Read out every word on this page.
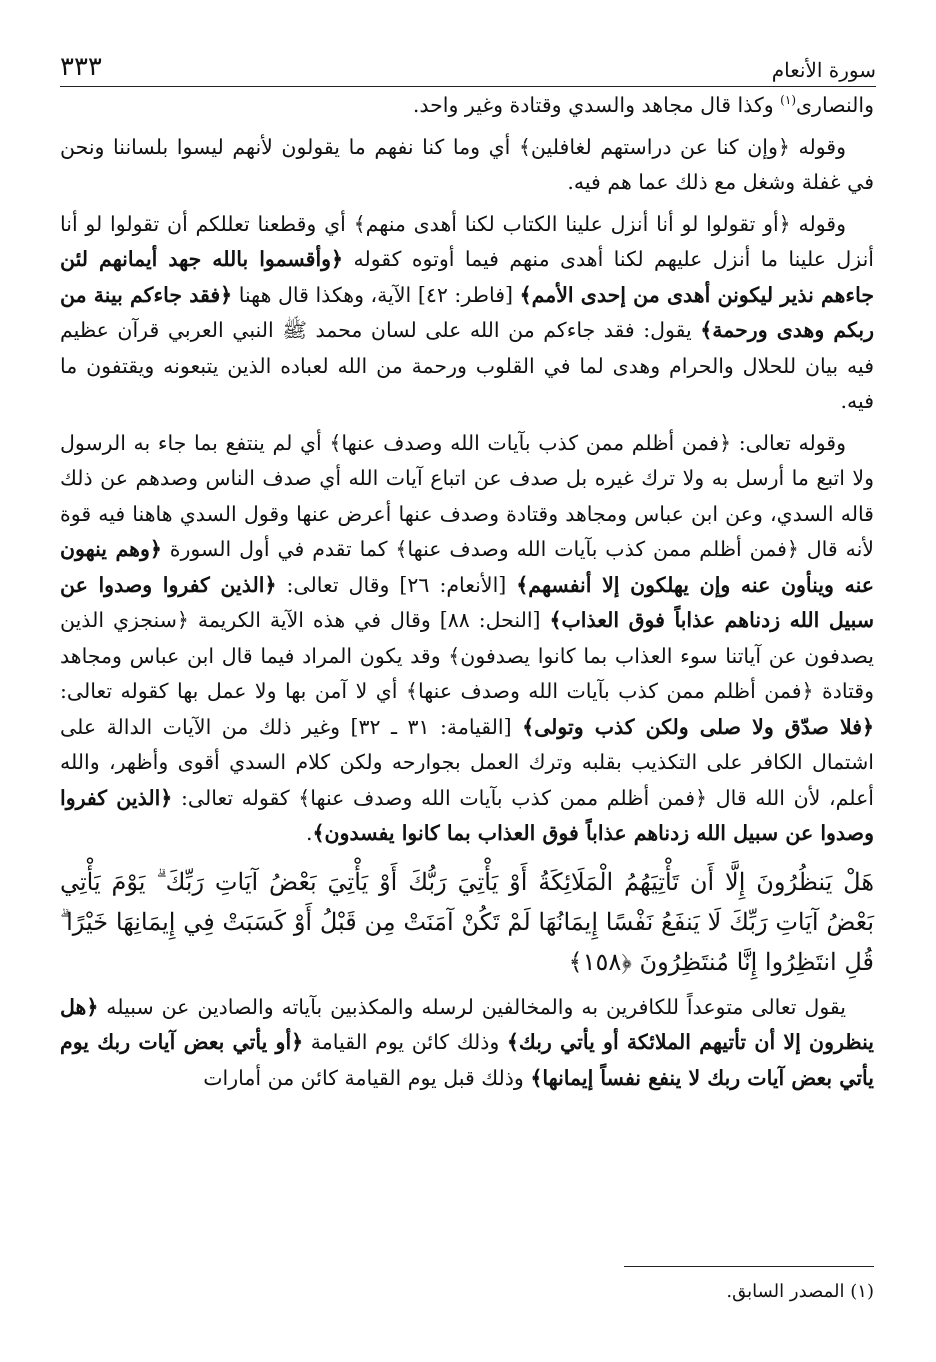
سورة الأنعام
٣٣٣

والنصارى$^{(١)}$ وكذا قال مجاهد والسدي وقتادة وغير واحد.

وقوله ﴿وإن كنا عن دراستهم لغافلين﴾ أي وما كنا نفهم ما يقولون لأنهم ليسوا بلساننا ونحن في غفلة وشغل مع ذلك عما هم فيه.

وقوله ﴿أو تقولوا لو أنا أنزل علينا الكتاب لكنا أهدى منهم﴾ أي وقطعنا تعللكم أن تقولوا لو أنا أنزل علينا ما أنزل عليهم لكنا أهدى منهم فيما أوتوه كقوله ﴿وأقسموا بالله جهد أيمانهم لئن جاءهم نذير ليكونن أهدى من إحدى الأمم﴾ [فاطر: ٤٢] الآية، وهكذا قال ههنا ﴿فقد جاءكم بينة من ربكم وهدى ورحمة﴾ يقول: فقد جاءكم من الله على لسان محمد ﷺ النبي العربي قرآن عظيم فيه بيان للحلال والحرام وهدى لما في القلوب ورحمة من الله لعباده الذين يتبعونه ويقتفون ما فيه.

وقوله تعالى: ﴿فمن أظلم ممن كذب بآيات الله وصدف عنها﴾ أي لم ينتفع بما جاء به الرسول ولا اتبع ما أرسل به ولا ترك غيره بل صدف عن اتباع آيات الله أي صدف الناس وصدهم عن ذلك قاله السدي، وعن ابن عباس ومجاهد وقتادة وصدف عنها أعرض عنها وقول السدي هاهنا فيه قوة لأنه قال ﴿فمن أظلم ممن كذب بآيات الله وصدف عنها﴾ كما تقدم في أول السورة ﴿وهم ينهون عنه وينأون عنه وإن يهلكون إلا أنفسهم﴾ [الأنعام: ٢٦] وقال تعالى: ﴿الذين كفروا وصدوا عن سبيل الله زدناهم عذاباً فوق العذاب﴾ [النحل: ٨٨] وقال في هذه الآية الكريمة ﴿سنجزي الذين يصدفون عن آياتنا سوء العذاب بما كانوا يصدفون﴾ وقد يكون المراد فيما قال ابن عباس ومجاهد وقتادة ﴿فمن أظلم ممن كذب بآيات الله وصدف عنها﴾ أي لا آمن بها ولا عمل بها كقوله تعالى: ﴿فلا صدّق ولا صلى ولكن كذب وتولى﴾ [القيامة: ٣١ ـ ٣٢] وغير ذلك من الآيات الدالة على اشتمال الكافر على التكذيب بقلبه وترك العمل بجوارحه ولكن كلام السدي أقوى وأظهر، والله أعلم، لأن الله قال ﴿فمن أظلم ممن كذب بآيات الله وصدف عنها﴾ كقوله تعالى: ﴿الذين كفروا وصدوا عن سبيل الله زدناهم عذاباً فوق العذاب بما كانوا يفسدون﴾.

هَلْ يَنظُرُونَ إِلَّا أَن تَأْتِيَهُمُ الْمَلَائِكَةُ أَوْ يَأْتِيَ رَبُّكَ أَوْ يَأْتِيَ بَعْضُ آيَاتِ رَبِّكَ ۗ يَوْمَ يَأْتِي بَعْضُ آيَاتِ رَبِّكَ لَا يَنفَعُ نَفْسًا إِيمَانُهَا لَمْ تَكُنْ آمَنَتْ مِن قَبْلُ أَوْ كَسَبَتْ فِي إِيمَانِهَا خَيْرًا ۗ قُلِ انتَظِرُوا إِنَّا مُنتَظِرُونَ ﴿١٥٨﴾

يقول تعالى متوعداً للكافرين به والمخالفين لرسله والمكذبين بآياته والصادين عن سبيله ﴿هل ينظرون إلا أن تأتيهم الملائكة أو يأتي ربك﴾ وذلك كائن يوم القيامة ﴿أو يأتي بعض آيات ربك يوم يأتي بعض آيات ربك لا ينفع نفساً إيمانها﴾ وذلك قبل يوم القيامة كائن من أمارات

(١) المصدر السابق.
